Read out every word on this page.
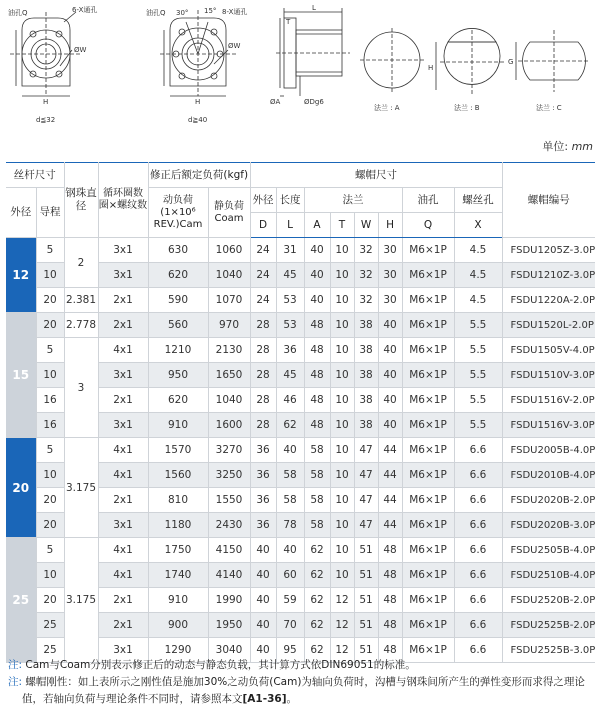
油孔Q	6-X通孔
ØW
H
d≦32
油孔Q 30° 15° 8-X通孔
ØW
H
d≧40
T
L
ØA	ØDg6
法兰 : A
H
法兰 : B
G
法兰 : C
单位: mm
丝杆尺寸		钢珠直径	循环圈数圈×螺纹数	修正后额定负荷(kgf)		螺帽尺寸								螺帽编号
外径	导程			动负荷(1×10⁶ REV.)Cam	静负荷Coam	外径	长度	法兰				油孔	螺丝孔	
						D	L	A	T	W	H	Q	X	
12	5	2	3x1	630	1060	24	31	40	10	32	30	M6×1P	4.5	FSDU1205Z-3.0P
	10		3x1	620	1040	24	45	40	10	32	30	M6×1P	4.5	FSDU1210Z-3.0P
	20	2.381	2x1	590	1070	24	53	40	10	32	30	M6×1P	4.5	FSDU1220A-2.0P
15	20	2.778	2x1	560	970	28	53	48	10	38	40	M6×1P	5.5	FSDU1520L-2.0P
	5	3	4x1	1210	2130	28	36	48	10	38	40	M6×1P	5.5	FSDU1505V-4.0P
	10		3x1	950	1650	28	45	48	10	38	40	M6×1P	5.5	FSDU1510V-3.0P
	16		2x1	620	1040	28	46	48	10	38	40	M6×1P	5.5	FSDU1516V-2.0P
	16		3x1	910	1600	28	62	48	10	38	40	M6×1P	5.5	FSDU1516V-3.0P
20	5	3.175	4x1	1570	3270	36	40	58	10	47	44	M6×1P	6.6	FSDU2005B-4.0P
	10		4x1	1560	3250	36	58	58	10	47	44	M6×1P	6.6	FSDU2010B-4.0P
	20		2x1	810	1550	36	58	58	10	47	44	M6×1P	6.6	FSDU2020B-2.0P
	20		3x1	1180	2430	36	78	58	10	47	44	M6×1P	6.6	FSDU2020B-3.0P
25	5	3.175	4x1	1750	4150	40	40	62	10	51	48	M6×1P	6.6	FSDU2505B-4.0P
	10		4x1	1740	4140	40	60	62	10	51	48	M6×1P	6.6	FSDU2510B-4.0P
	20		2x1	910	1990	40	59	62	12	51	48	M6×1P	6.6	FSDU2520B-2.0P
	25		2x1	900	1950	40	70	62	12	51	48	M6×1P	6.6	FSDU2525B-2.0P
	25		3x1	1290	3040	40	95	62	12	51	48	M6×1P	6.6	FSDU2525B-3.0P
注: Cam与Coam分别表示修正后的动态与静态负载，其计算方式依DIN69051的标准。
注: 螺帽刚性：如上表所示之刚性值是施加30%之动负荷(Cam)为轴向负荷时，沟槽与钢珠间所产生的弹性变形而求得之理论值，若轴向负荷与理论条件不同时，请参照本文[A1-36]。
